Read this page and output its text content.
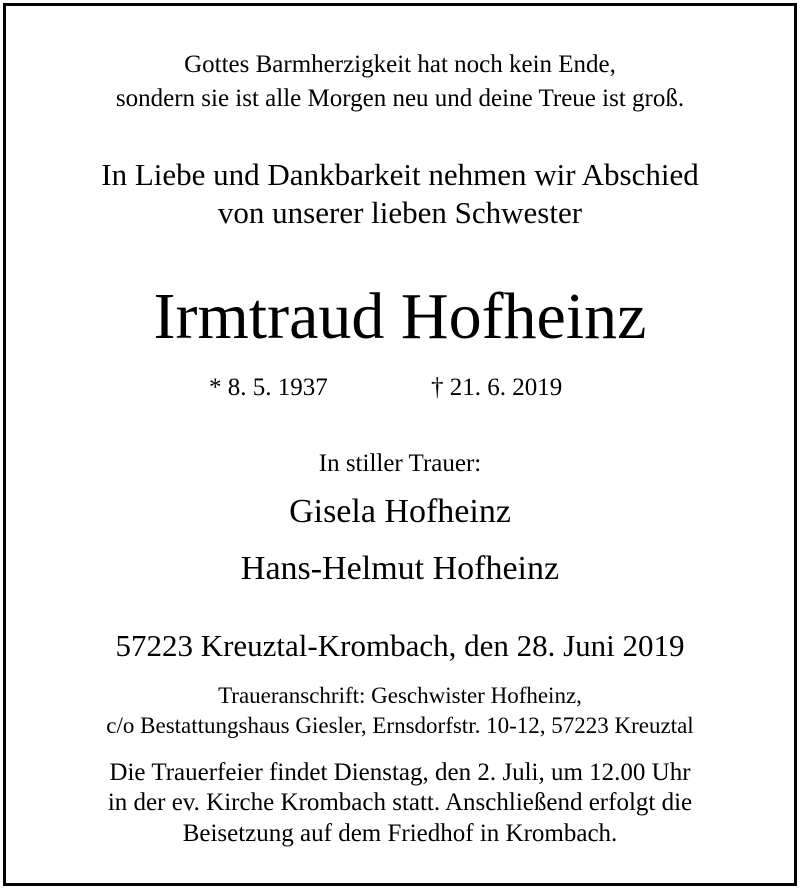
Gottes Barmherzigkeit hat noch kein Ende,
sondern sie ist alle Morgen neu und deine Treue ist groß.
In Liebe und Dankbarkeit nehmen wir Abschied
von unserer lieben Schwester
Irmtraud Hofheinz
* 8. 5. 1937	† 21. 6. 2019
In stiller Trauer:
Gisela Hofheinz
Hans-Helmut Hofheinz
57223 Kreuztal-Krombach, den 28. Juni 2019
Traueranschrift: Geschwister Hofheinz,
c/o Bestattungshaus Giesler, Ernsdorfstr. 10-12, 57223 Kreuztal
Die Trauerfeier findet Dienstag, den 2. Juli, um 12.00 Uhr
in der ev. Kirche Krombach statt. Anschließend erfolgt die
Beisetzung auf dem Friedhof in Krombach.
